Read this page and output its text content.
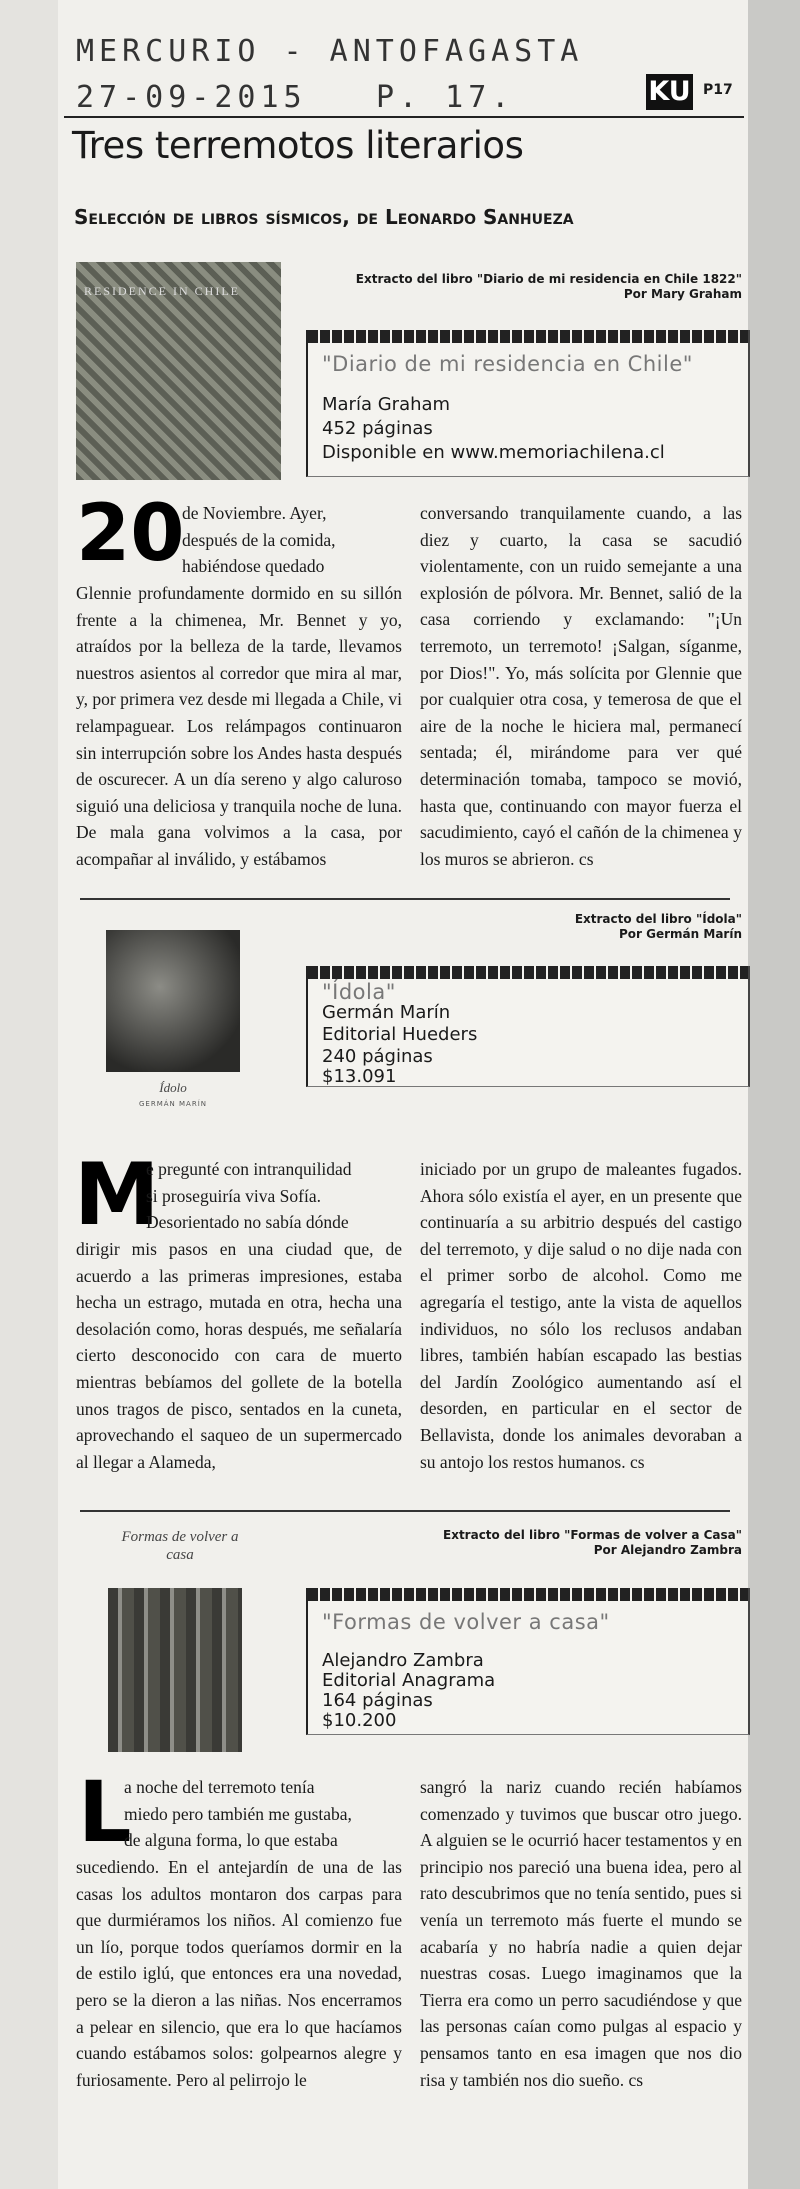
MERCURIO - ANTOFAGASTA
27-09-2015 P. 17.	KU P17
Tres terremotos literarios
Selección de libros sísmicos, de Leonardo Sanhueza
RESIDENCE IN CHILE
Extracto del libro "Diario de mi residencia en Chile 1822"
Por Mary Graham
"Diario de mi residencia en Chile"
María Graham
452 páginas
Disponible en www.memoriachilena.cl
20
de Noviembre. Ayer,
después de la comida,
habiéndose quedado
Glennie profundamente dormido en su sillón frente a la chimenea, Mr. Bennet y yo, atraídos por la belleza de la tarde, llevamos nuestros asientos al corredor que mira al mar, y, por primera vez desde mi llegada a Chile, vi relampaguear. Los relámpagos continuaron sin interrupción sobre los Andes hasta después de oscurecer. A un día sereno y algo caluroso siguió una deliciosa y tranquila noche de luna. De mala gana volvimos a la casa, por acompañar al inválido, y estábamos
conversando tranquilamente cuando, a las diez y cuarto, la casa se sacudió violentamente, con un ruido semejante a una explosión de pólvora. Mr. Bennet, salió de la casa corriendo y exclamando: "¡Un terremoto, un terremoto! ¡Salgan, síganme, por Dios!". Yo, más solícita por Glennie que por cualquier otra cosa, y temerosa de que el aire de la noche le hiciera mal, permanecí sentada; él, mirándome para ver qué determinación tomaba, tampoco se movió, hasta que, continuando con mayor fuerza el sacudimiento, cayó el cañón de la chimenea y los muros se abrieron. cs
Ídolo
GERMÁN MARÍN
Extracto del libro "Ídola"
Por Germán Marín
"Ídola"
Germán Marín
Editorial Hueders
240 páginas
$13.091
M
e pregunté con intranquilidad
si proseguiría viva Sofía.
Desorientado no sabía dónde
dirigir mis pasos en una ciudad que, de acuerdo a las primeras impresiones, estaba hecha un estrago, mutada en otra, hecha una desolación como, horas después, me señalaría cierto desconocido con cara de muerto mientras bebíamos del gollete de la botella unos tragos de pisco, sentados en la cuneta, aprovechando el saqueo de un supermercado al llegar a Alameda,
iniciado por un grupo de maleantes fugados. Ahora sólo existía el ayer, en un presente que continuaría a su arbitrio después del castigo del terremoto, y dije salud o no dije nada con el primer sorbo de alcohol. Como me agregaría el testigo, ante la vista de aquellos individuos, no sólo los reclusos andaban libres, también habían escapado las bestias del Jardín Zoológico aumentando así el desorden, en particular en el sector de Bellavista, donde los animales devoraban a su antojo los restos humanos. cs
Formas de volver a casa
Extracto del libro "Formas de volver a Casa"
Por Alejandro Zambra
"Formas de volver a casa"
Alejandro Zambra
Editorial Anagrama
164 páginas
$10.200
L
a noche del terremoto tenía
miedo pero también me gustaba,
de alguna forma, lo que estaba
sucediendo. En el antejardín de una de las casas los adultos montaron dos carpas para que durmiéramos los niños. Al comienzo fue un lío, porque todos queríamos dormir en la de estilo iglú, que entonces era una novedad, pero se la dieron a las niñas. Nos encerramos a pelear en silencio, que era lo que hacíamos cuando estábamos solos: golpearnos alegre y furiosamente. Pero al pelirrojo le
sangró la nariz cuando recién habíamos comenzado y tuvimos que buscar otro juego. A alguien se le ocurrió hacer testamentos y en principio nos pareció una buena idea, pero al rato descubrimos que no tenía sentido, pues si venía un terremoto más fuerte el mundo se acabaría y no habría nadie a quien dejar nuestras cosas. Luego imaginamos que la Tierra era como un perro sacudiéndose y que las personas caían como pulgas al espacio y pensamos tanto en esa imagen que nos dio risa y también nos dio sueño. cs
